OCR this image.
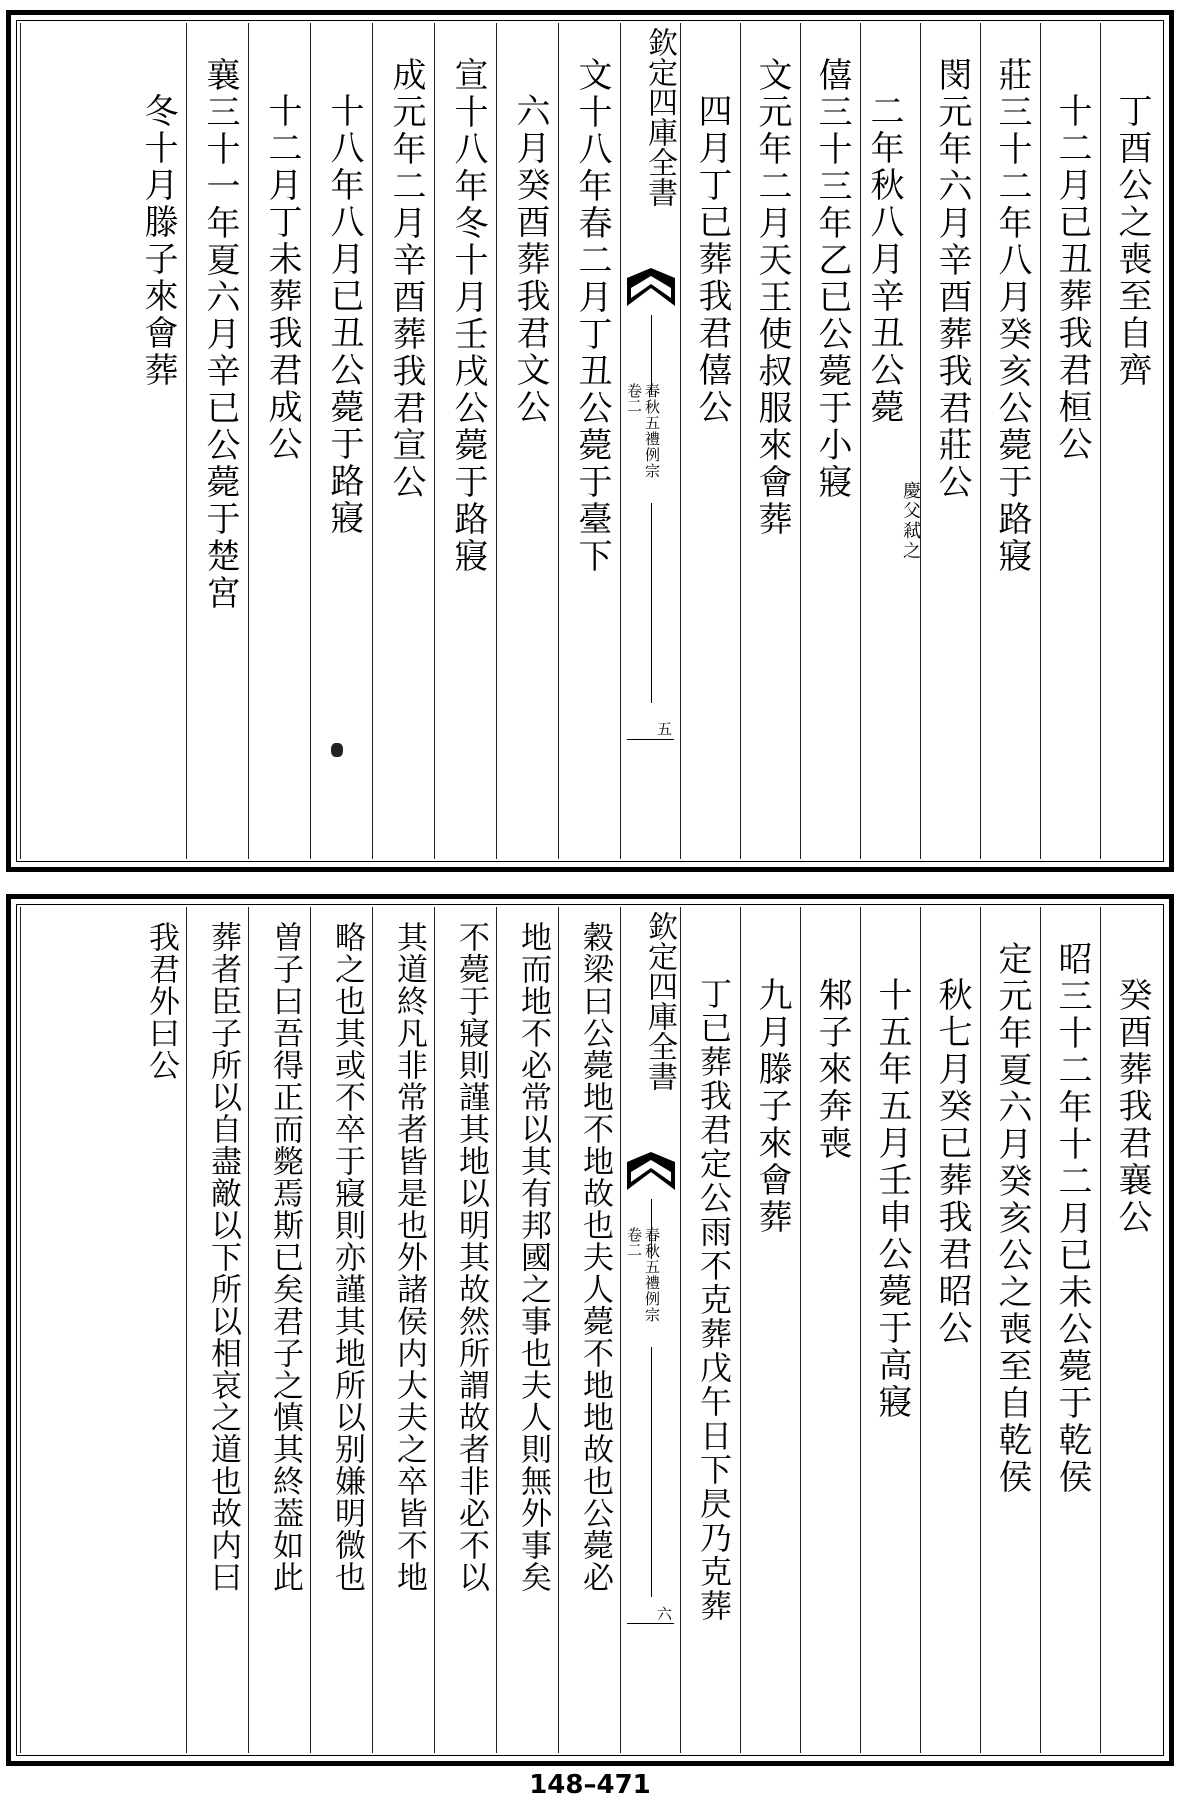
丁酉公之喪至自齊
十二月已丑葬我君桓公
莊三十二年八月癸亥公薨于路寢
閔元年六月辛酉葬我君莊公
二年秋八月辛丑公薨
慶父弒之
僖三十三年乙已公薨于小寢
文元年二月天王使叔服來會葬
四月丁已葬我君僖公
欽定四庫全書
春秋五禮例宗
卷二
五
文十八年春二月丁丑公薨于臺下
六月癸酉葬我君文公
宣十八年冬十月壬戌公薨于路寢
成元年二月辛酉葬我君宣公
十八年八月已丑公薨于路寢
十二月丁未葬我君成公
襄三十一年夏六月辛已公薨于楚宮
冬十月滕子來會葬
癸酉葬我君襄公
昭三十二年十二月已未公薨于乾侯
定元年夏六月癸亥公之喪至自乾侯
秋七月癸已葬我君昭公
十五年五月壬申公薨于高寢
邾子來奔喪
九月滕子來會葬
丁已葬我君定公雨不克葬戊午日下昃乃克葬
欽定四庫全書
春秋五禮例宗
卷二
六
穀梁曰公薨地不地故也夫人薨不地地故也公薨必
地而地不必常以其有邦國之事也夫人則無外事矣
不薨于寢則謹其地以明其故然所謂故者非必不以
其道終凡非常者皆是也外諸侯内大夫之卒皆不地
略之也其或不卒于寢則亦謹其地所以别嫌明微也
曽子曰吾得正而斃焉斯已矣君子之慎其終葢如此
葬者臣子所以自盡敵以下所以相哀之道也故内曰
我君外曰公
148–471
